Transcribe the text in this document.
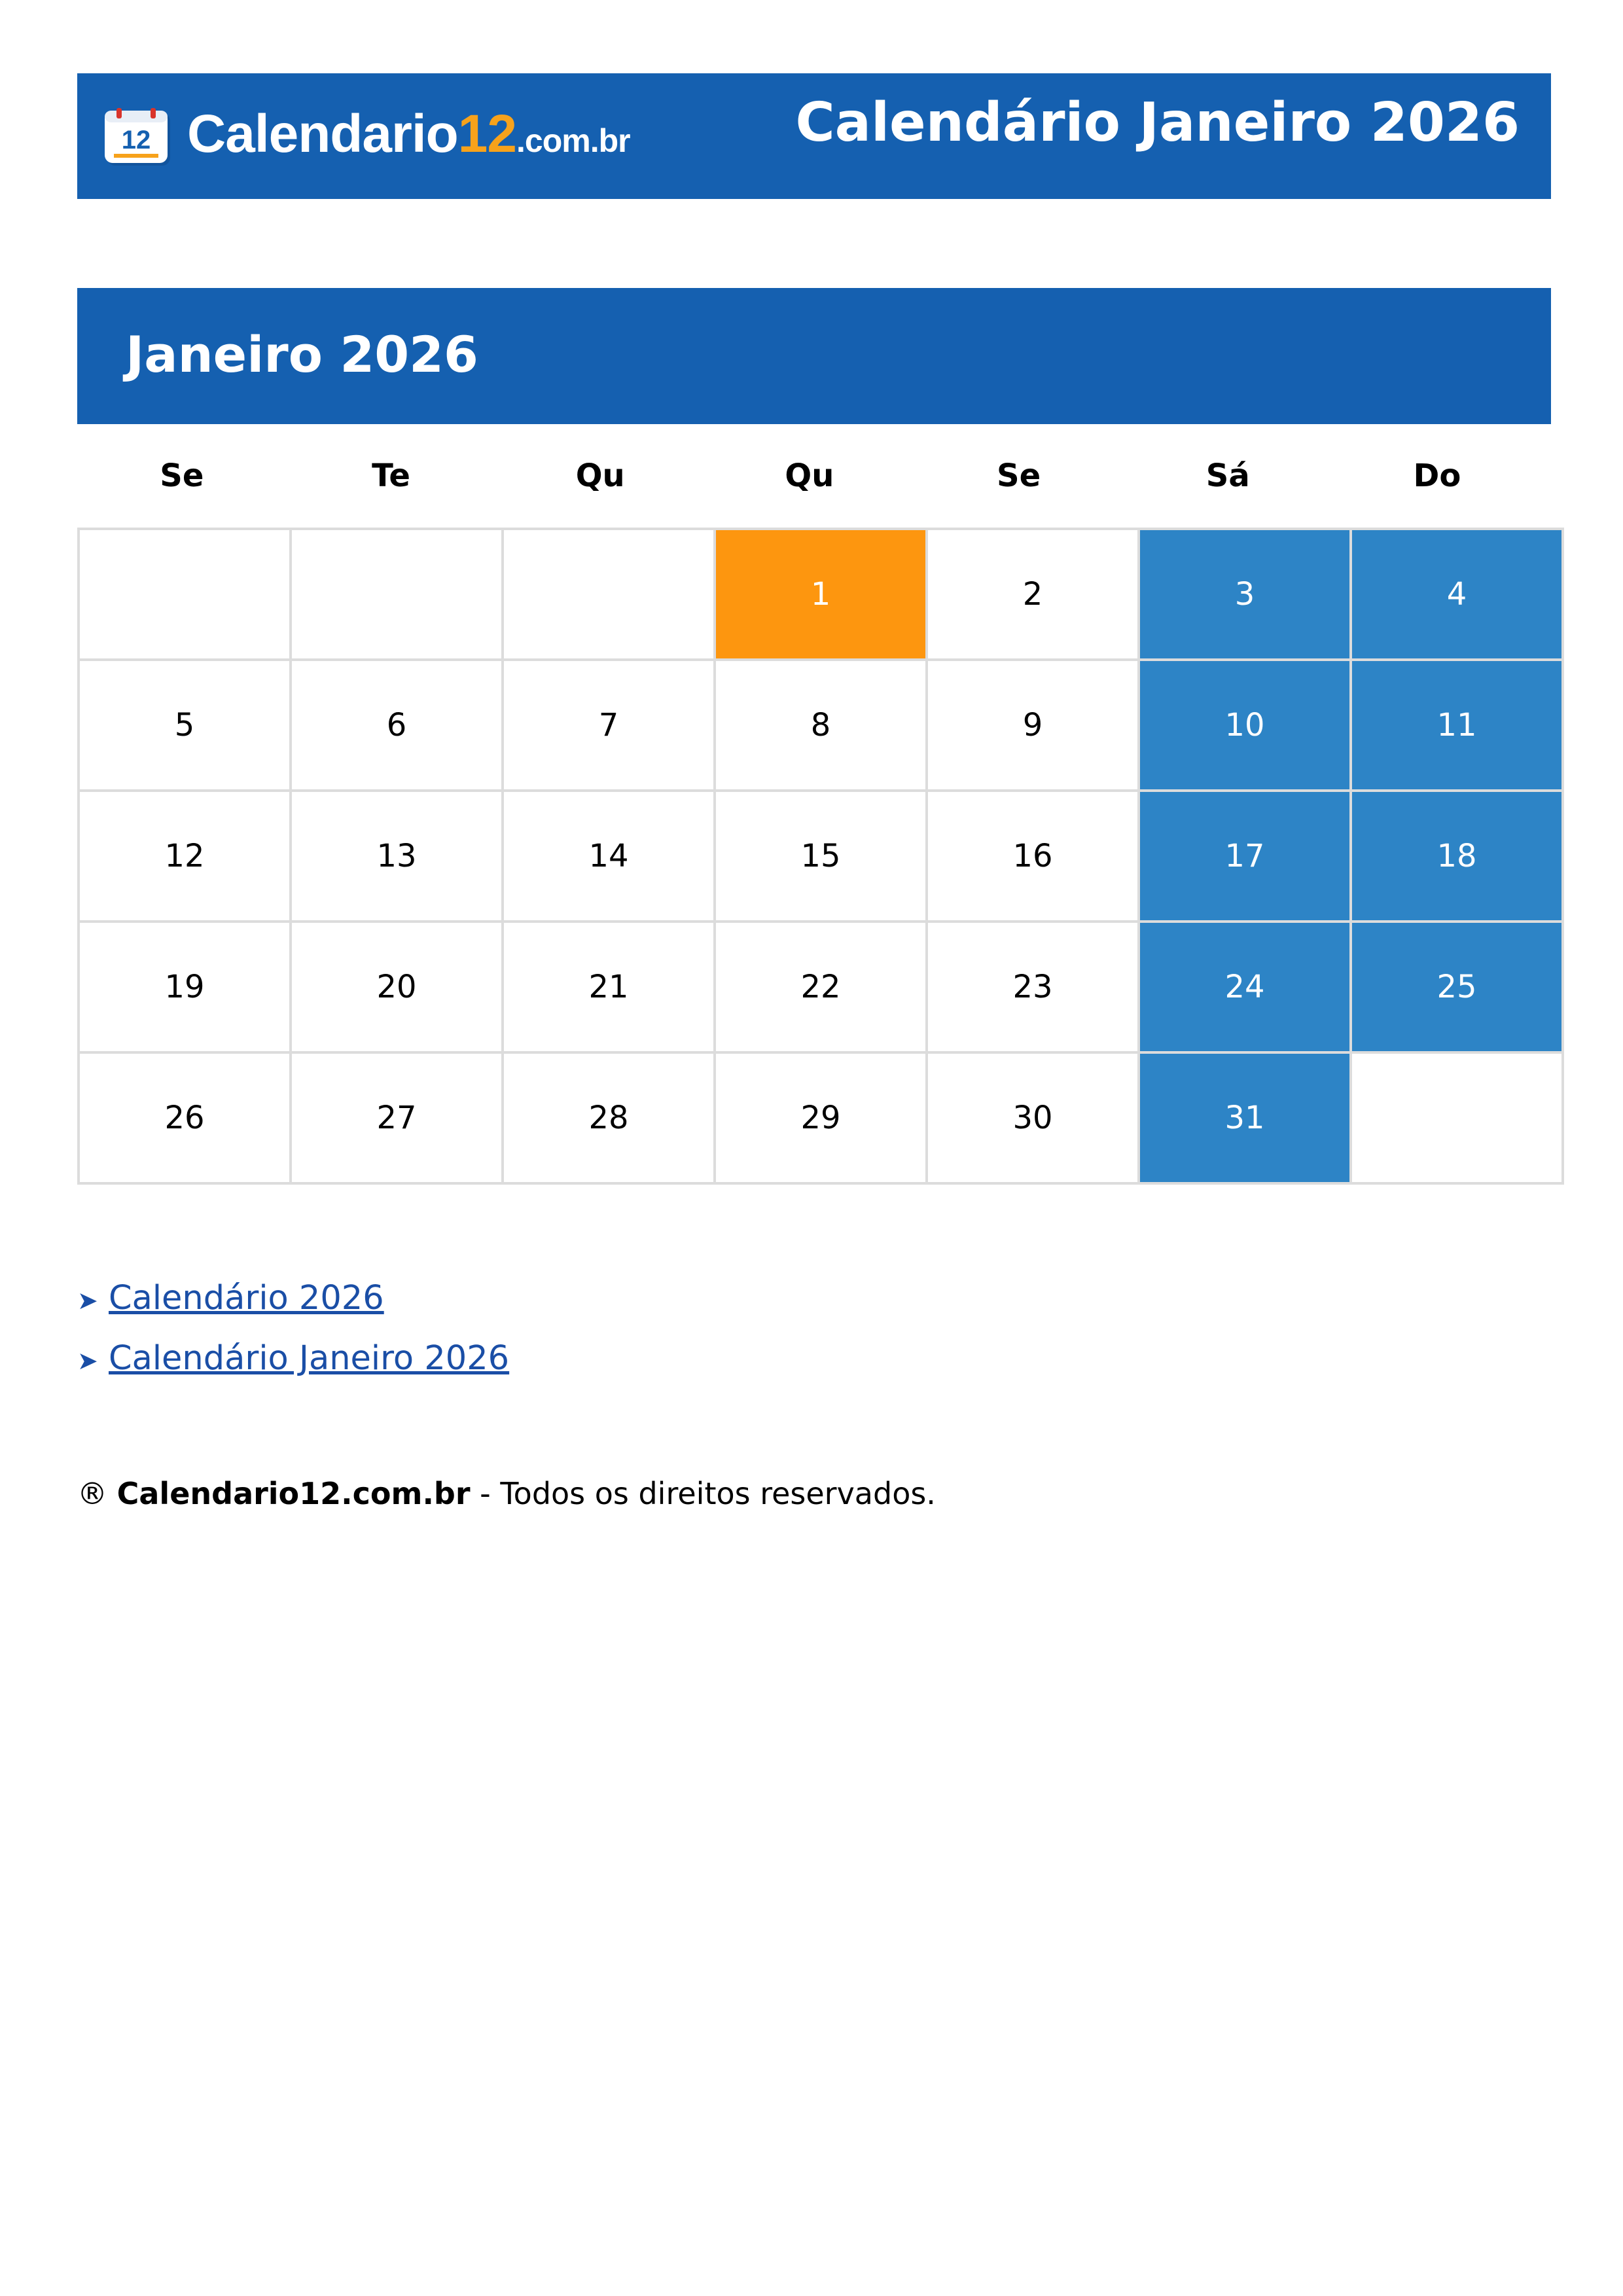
12 Calendario12.com.br	Calendário Janeiro 2026
Janeiro 2026
Se	Te	Qu	Qu	Se	Sá	Do
			1	2	3	4
5	6	7	8	9	10	11
12	13	14	15	16	17	18
19	20	21	22	23	24	25
26	27	28	29	30	31	
➤ Calendário 2026
➤ Calendário Janeiro 2026
® Calendario12.com.br - Todos os direitos reservados.
